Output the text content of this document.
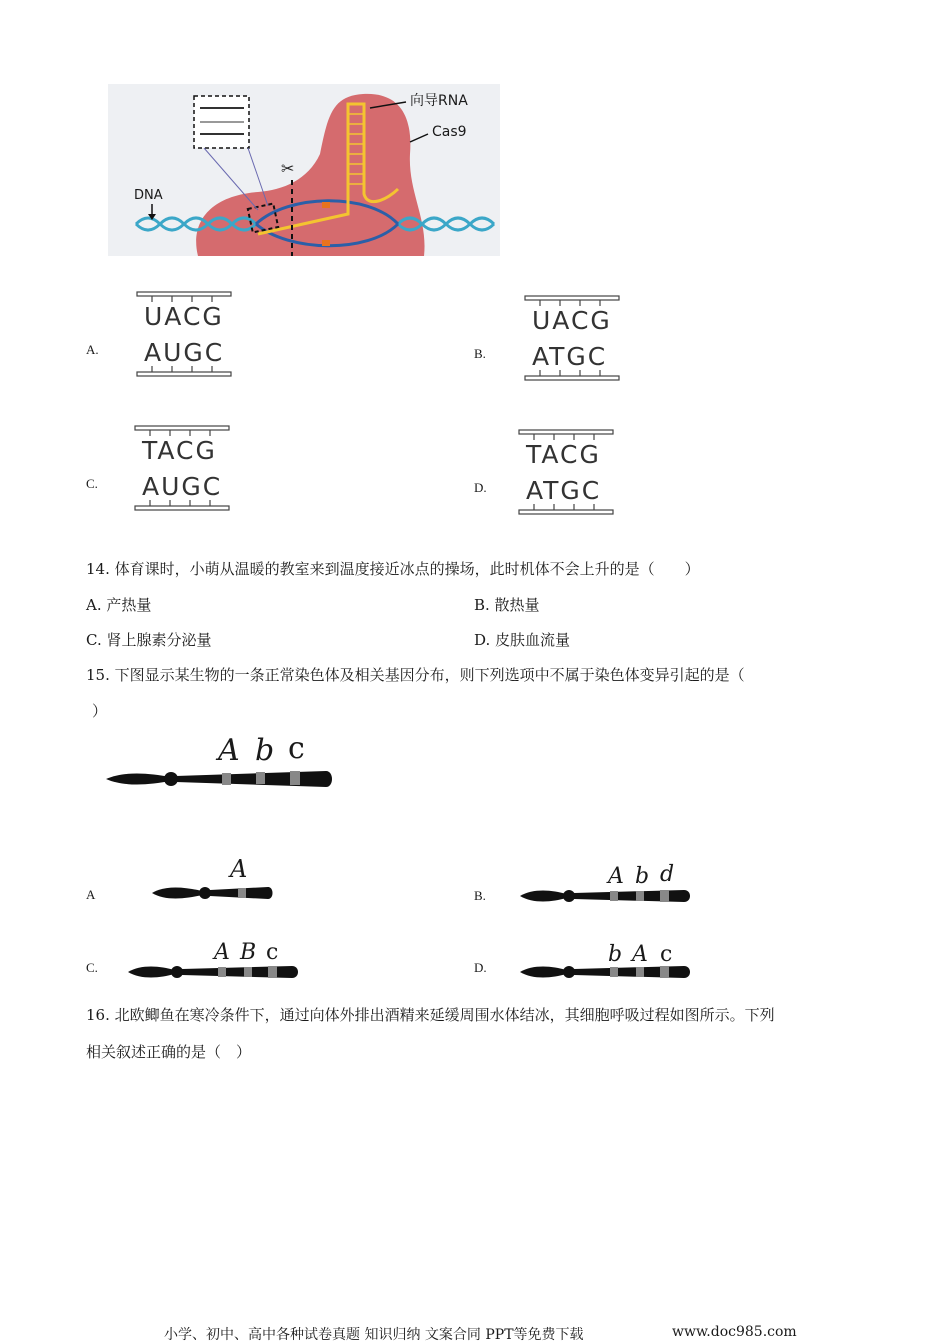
✂
向导RNA
Cas9
DNA
A.
UACG
AUGC	B.
UACG
ATGC
C.
TACG
AUGC	D.
TACG
ATGC
14. 体育课时，小萌从温暖的教室来到温度接近冰点的操场，此时机体不会上升的是（　　）
A. 产热量	B. 散热量
C. 肾上腺素分泌量	D. 皮肤血流量
15. 下图显示某生物的一条正常染色体及相关基因分布，则下列选项中不属于染色体变异引起的是（
）
A b c
A
A
B.
A b d
C.
A B c
D.
b A c
16. 北欧鲫鱼在寒冷条件下，通过向体外排出酒精来延缓周围水体结冰，其细胞呼吸过程如图所示。下列
相关叙述正确的是（　）
小学、初中、高中各种试卷真题 知识归纳 文案合同 PPT等免费下载	www.doc985.com
